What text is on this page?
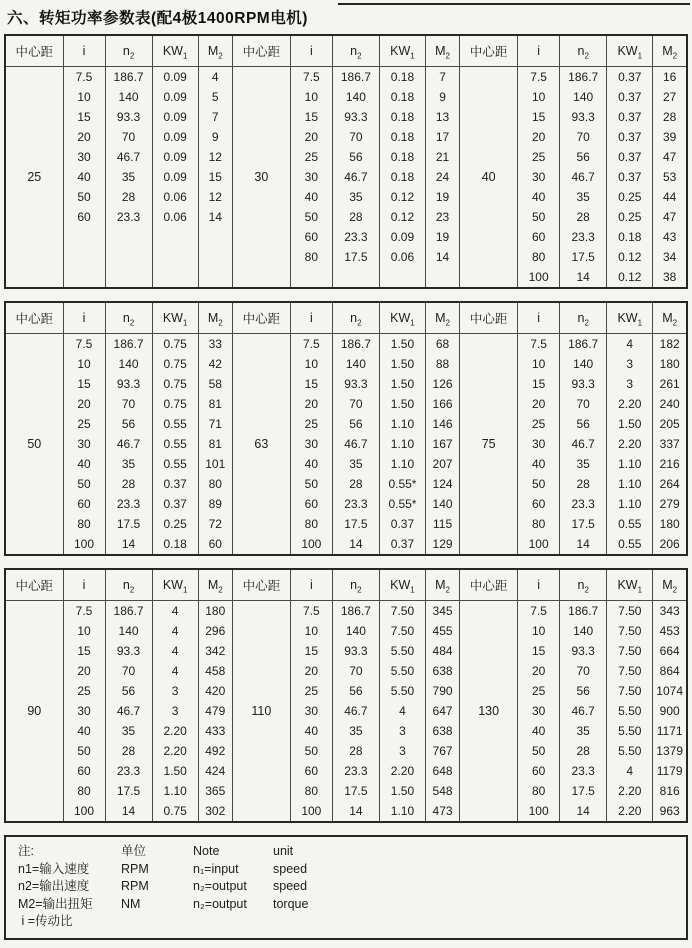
六、转矩功率参数表(配4极1400RPM电机)
中心距	i	$n_2$	$KW_1$	$M_2$	中心距	i	$n_2$	$KW_1$	$M_2$	中心距	i	$n_2$	$KW_1$	$M_2$
25	7.5	186.7	0.09	4	30	7.5	186.7	0.18	7	40	7.5	186.7	0.37	16
	10	140	0.09	5		10	140	0.18	9		10	140	0.37	27
	15	93.3	0.09	7		15	93.3	0.18	13		15	93.3	0.37	28
	20	70	0.09	9		20	70	0.18	17		20	70	0.37	39
	30	46.7	0.09	12		25	56	0.18	21		25	56	0.37	47
	40	35	0.09	15		30	46.7	0.18	24		30	46.7	0.37	53
	50	28	0.06	12		40	35	0.12	19		40	35	0.25	44
	60	23.3	0.06	14		50	28	0.12	23		50	28	0.25	47
						60	23.3	0.09	19		60	23.3	0.18	43
						80	17.5	0.06	14		80	17.5	0.12	34
											100	14	0.12	38
中心距	i	$n_2$	$KW_1$	$M_2$	中心距	i	$n_2$	$KW_1$	$M_2$	中心距	i	$n_2$	$KW_1$	$M_2$
50	7.5	186.7	0.75	33	63	7.5	186.7	1.50	68	75	7.5	186.7	4	182
	10	140	0.75	42		10	140	1.50	88		10	140	3	180
	15	93.3	0.75	58		15	93.3	1.50	126		15	93.3	3	261
	20	70	0.75	81		20	70	1.50	166		20	70	2.20	240
	25	56	0.55	71		25	56	1.10	146		25	56	1.50	205
	30	46.7	0.55	81		30	46.7	1.10	167		30	46.7	2.20	337
	40	35	0.55	101		40	35	1.10	207		40	35	1.10	216
	50	28	0.37	80		50	28	0.55*	124		50	28	1.10	264
	60	23.3	0.37	89		60	23.3	0.55*	140		60	23.3	1.10	279
	80	17.5	0.25	72		80	17.5	0.37	115		80	17.5	0.55	180
	100	14	0.18	60		100	14	0.37	129		100	14	0.55	206
中心距	i	$n_2$	$KW_1$	$M_2$	中心距	i	$n_2$	$KW_1$	$M_2$	中心距	i	$n_2$	$KW_1$	$M_2$
90	7.5	186.7	4	180	110	7.5	186.7	7.50	345	130	7.5	186.7	7.50	343
	10	140	4	296		10	140	7.50	455		10	140	7.50	453
	15	93.3	4	342		15	93.3	5.50	484		15	93.3	7.50	664
	20	70	4	458		20	70	5.50	638		20	70	7.50	864
	25	56	3	420		25	56	5.50	790		25	56	7.50	1074
	30	46.7	3	479		30	46.7	4	647		30	46.7	5.50	900
	40	35	2.20	433		40	35	3	638		40	35	5.50	1171
	50	28	2.20	492		50	28	3	767		50	28	5.50	1379
	60	23.3	1.50	424		60	23.3	2.20	648		60	23.3	4	1179
	80	17.5	1.10	365		80	17.5	1.50	548		80	17.5	2.20	816
	100	14	0.75	302		100	14	1.10	473		100	14	2.20	963
注:	单位	Note	unit
n1=输入速度	RPM	n₁=input	speed
n2=输出速度	RPM	n₂=output	speed
M2=输出扭矩	NM	n₂=output	torque
i =传动比
